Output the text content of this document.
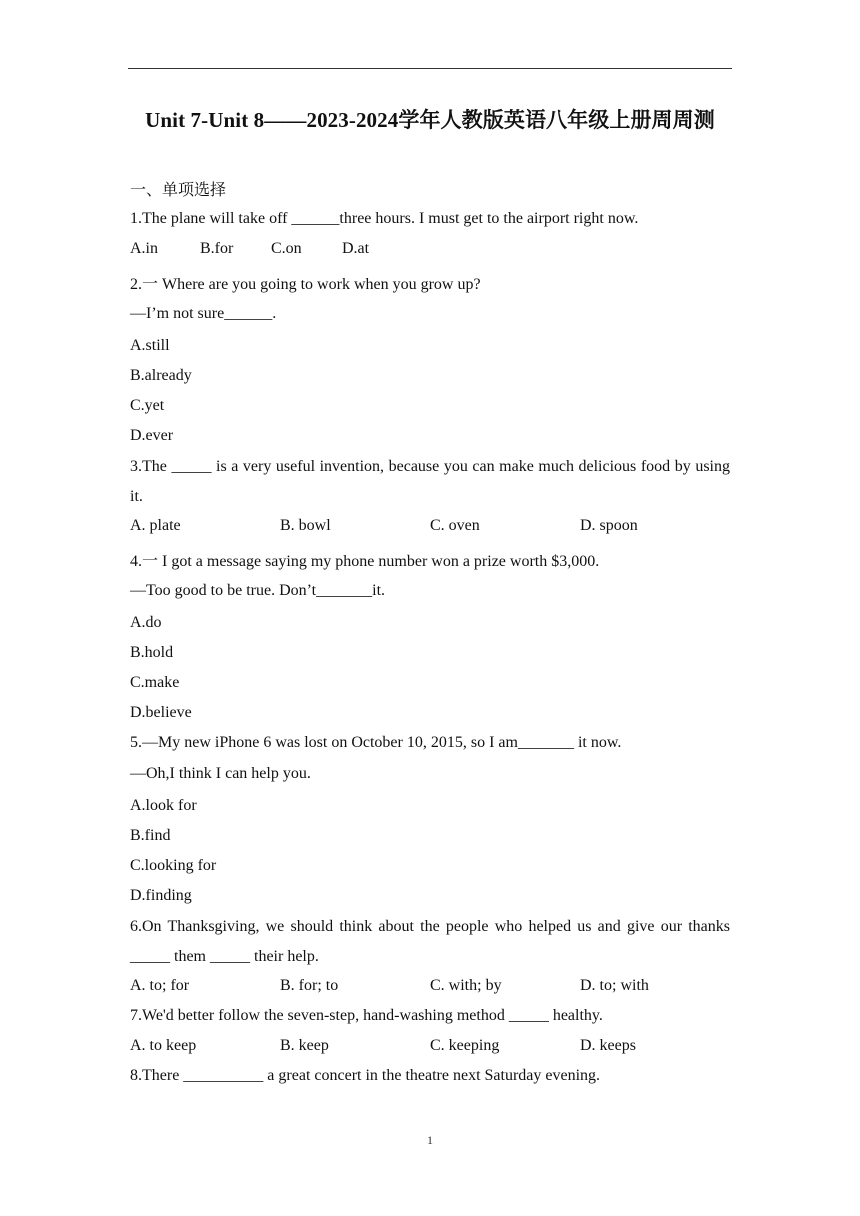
Unit 7-Unit 8——2023-2024学年人教版英语八年级上册周周测
一、单项选择
1.The plane will take off ______three hours. I must get to the airport right now.
A.in	B.for C.on	D.at
2.一 Where are you going to work when you grow up?
—I’m not sure______.
A.still
B.already
C.yet
D.ever
3.The _____ is a very useful invention, because you can make much delicious food by using it.
A. plate	B. bowl	C. oven	D. spoon
4.一 I got a message saying my phone number won a prize worth $3,000.
—Too good to be true. Don’t_______it.
A.do
B.hold
C.make
D.believe
5.—My new iPhone 6 was lost on October 10, 2015, so I am_______ it now.
—Oh,I think I can help you.
A.look for
B.find
C.looking for
D.finding
6.On Thanksgiving, we should think about the people who helped us and give our thanks _____ them _____ their help.
A. to; for	B. for; to	C. with; by	D. to; with
7.We'd better follow the seven-step, hand-washing method _____ healthy.
A. to keep	B. keep	C. keeping	D. keeps
8.There __________ a great concert in the theatre next Saturday evening.
1
